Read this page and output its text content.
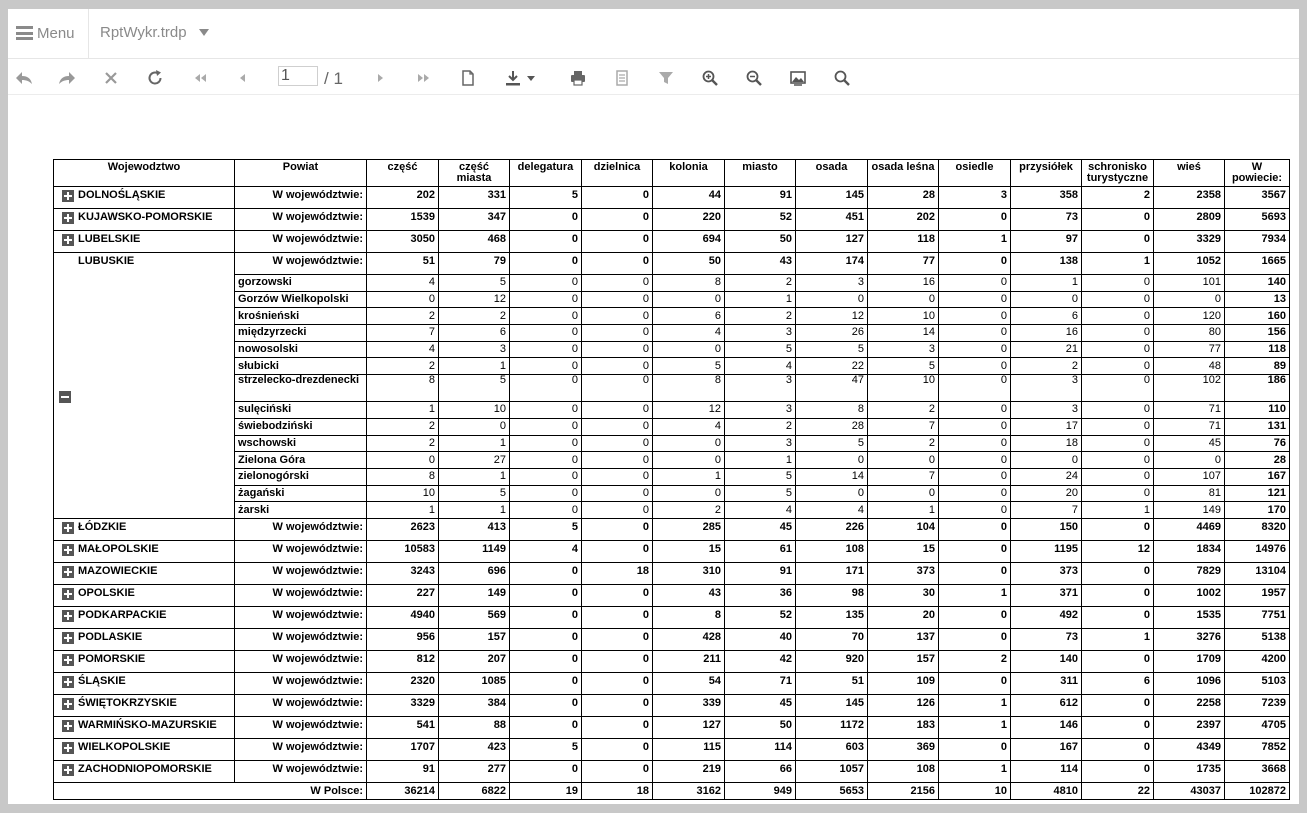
Menu RptWykr.trdp
1
/ 1
Wojewodztwo	Powiat	część	część miasta	delegatura	dzielnica	kolonia	miasto	osada	osada leśna	osiedle	przysiółek	schronisko turystyczne	wieś	W powiecie:
DOLNOŚLĄSKIE	W województwie:	202	331	5	0	44	91	145	28	3	358	2	2358	3567
KUJAWSKO-POMORSKIE	W województwie:	1539	347	0	0	220	52	451	202	0	73	0	2809	5693
LUBELSKIE	W województwie:	3050	468	0	0	694	50	127	118	1	97	0	3329	7934
LUBUSKIE	W województwie:	51	79	0	0	50	43	174	77	0	138	1	1052	1665
	gorzowski	4	5	0	0	8	2	3	16	0	1	0	101	140
	Gorzów Wielkopolski	0	12	0	0	0	1	0	0	0	0	0	0	13
	krośnieński	2	2	0	0	6	2	12	10	0	6	0	120	160
	międzyrzecki	7	6	0	0	4	3	26	14	0	16	0	80	156
	nowosolski	4	3	0	0	0	5	5	3	0	21	0	77	118
	słubicki	2	1	0	0	5	4	22	5	0	2	0	48	89
	strzelecko-drezdenecki	8	5	0	0	8	3	47	10	0	3	0	102	186
	sulęciński	1	10	0	0	12	3	8	2	0	3	0	71	110
	świebodziński	2	0	0	0	4	2	28	7	0	17	0	71	131
	wschowski	2	1	0	0	0	3	5	2	0	18	0	45	76
	Zielona Góra	0	27	0	0	0	1	0	0	0	0	0	0	28
	zielonogórski	8	1	0	0	1	5	14	7	0	24	0	107	167
	żagański	10	5	0	0	0	5	0	0	0	20	0	81	121
	żarski	1	1	0	0	2	4	4	1	0	7	1	149	170
ŁÓDZKIE	W województwie:	2623	413	5	0	285	45	226	104	0	150	0	4469	8320
MAŁOPOLSKIE	W województwie:	10583	1149	4	0	15	61	108	15	0	1195	12	1834	14976
MAZOWIECKIE	W województwie:	3243	696	0	18	310	91	171	373	0	373	0	7829	13104
OPOLSKIE	W województwie:	227	149	0	0	43	36	98	30	1	371	0	1002	1957
PODKARPACKIE	W województwie:	4940	569	0	0	8	52	135	20	0	492	0	1535	7751
PODLASKIE	W województwie:	956	157	0	0	428	40	70	137	0	73	1	3276	5138
POMORSKIE	W województwie:	812	207	0	0	211	42	920	157	2	140	0	1709	4200
ŚLĄSKIE	W województwie:	2320	1085	0	0	54	71	51	109	0	311	6	1096	5103
ŚWIĘTOKRZYSKIE	W województwie:	3329	384	0	0	339	45	145	126	1	612	0	2258	7239
WARMIŃSKO-MAZURSKIE	W województwie:	541	88	0	0	127	50	1172	183	1	146	0	2397	4705
WIELKOPOLSKIE	W województwie:	1707	423	5	0	115	114	603	369	0	167	0	4349	7852
ZACHODNIOPOMORSKIE	W województwie:	91	277	0	0	219	66	1057	108	1	114	0	1735	3668
W Polsce:		36214	6822	19	18	3162	949	5653	2156	10	4810	22	43037	102872
